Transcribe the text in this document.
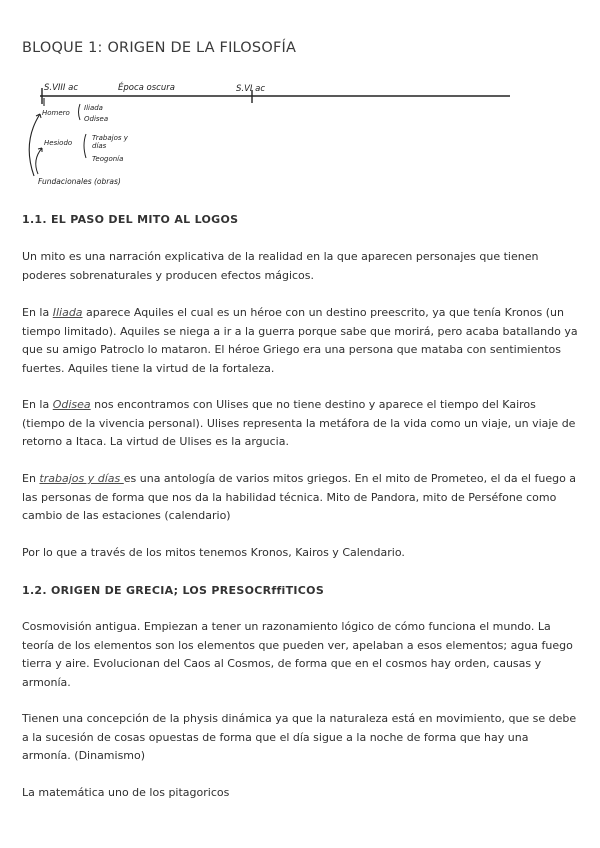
BLOQUE 1: ORIGEN DE LA FILOSOFÍA
S.VIII ac	Época oscura	S.VI ac
Homero
Iliada
Odisea
Hesiodo
Trabajos y
días
Teogonía
Fundacionales (obras)
1.1. EL PASO DEL MITO AL LOGOS

Un mito es una narración explicativa de la realidad en la que aparecen personajes que tienen poderes sobrenaturales y producen efectos mágicos.

En la Iliada aparece Aquiles el cual es un héroe con un destino preescrito, ya que tenía Kronos (un tiempo limitado). Aquiles se niega a ir a la guerra porque sabe que morirá, pero acaba batallando ya que su amigo Patroclo lo mataron. El héroe Griego era una persona que mataba con sentimientos fuertes. Aquiles tiene la virtud de la fortaleza.

En la Odisea nos encontramos con Ulises que no tiene destino y aparece el tiempo del Kairos (tiempo de la vivencia personal). Ulises representa la metáfora de la vida como un viaje, un viaje de retorno a Itaca. La virtud de Ulises es la argucia.

En trabajos y días es una antología de varios mitos griegos. En el mito de Prometeo, el da el fuego a las personas de forma que nos da la habilidad técnica. Mito de Pandora, mito de Perséfone como cambio de las estaciones (calendario)

Por lo que a través de los mitos tenemos Kronos, Kairos y Calendario.

1.2. ORIGEN DE GRECIA; LOS PRESOCRffiTICOS

Cosmovisión antigua. Empiezan a tener un razonamiento lógico de cómo funciona el mundo. La teoría de los elementos son los elementos que pueden ver, apelaban a esos elementos; agua fuego tierra y aire. Evolucionan del Caos al Cosmos, de forma que en el cosmos hay orden, causas y armonía.

Tienen una concepción de la physis dinámica ya que la naturaleza está en movimiento, que se debe a la sucesión de cosas opuestas de forma que el día sigue a la noche de forma que hay una armonía. (Dinamismo)

La matemática uno de los pitagoricos
